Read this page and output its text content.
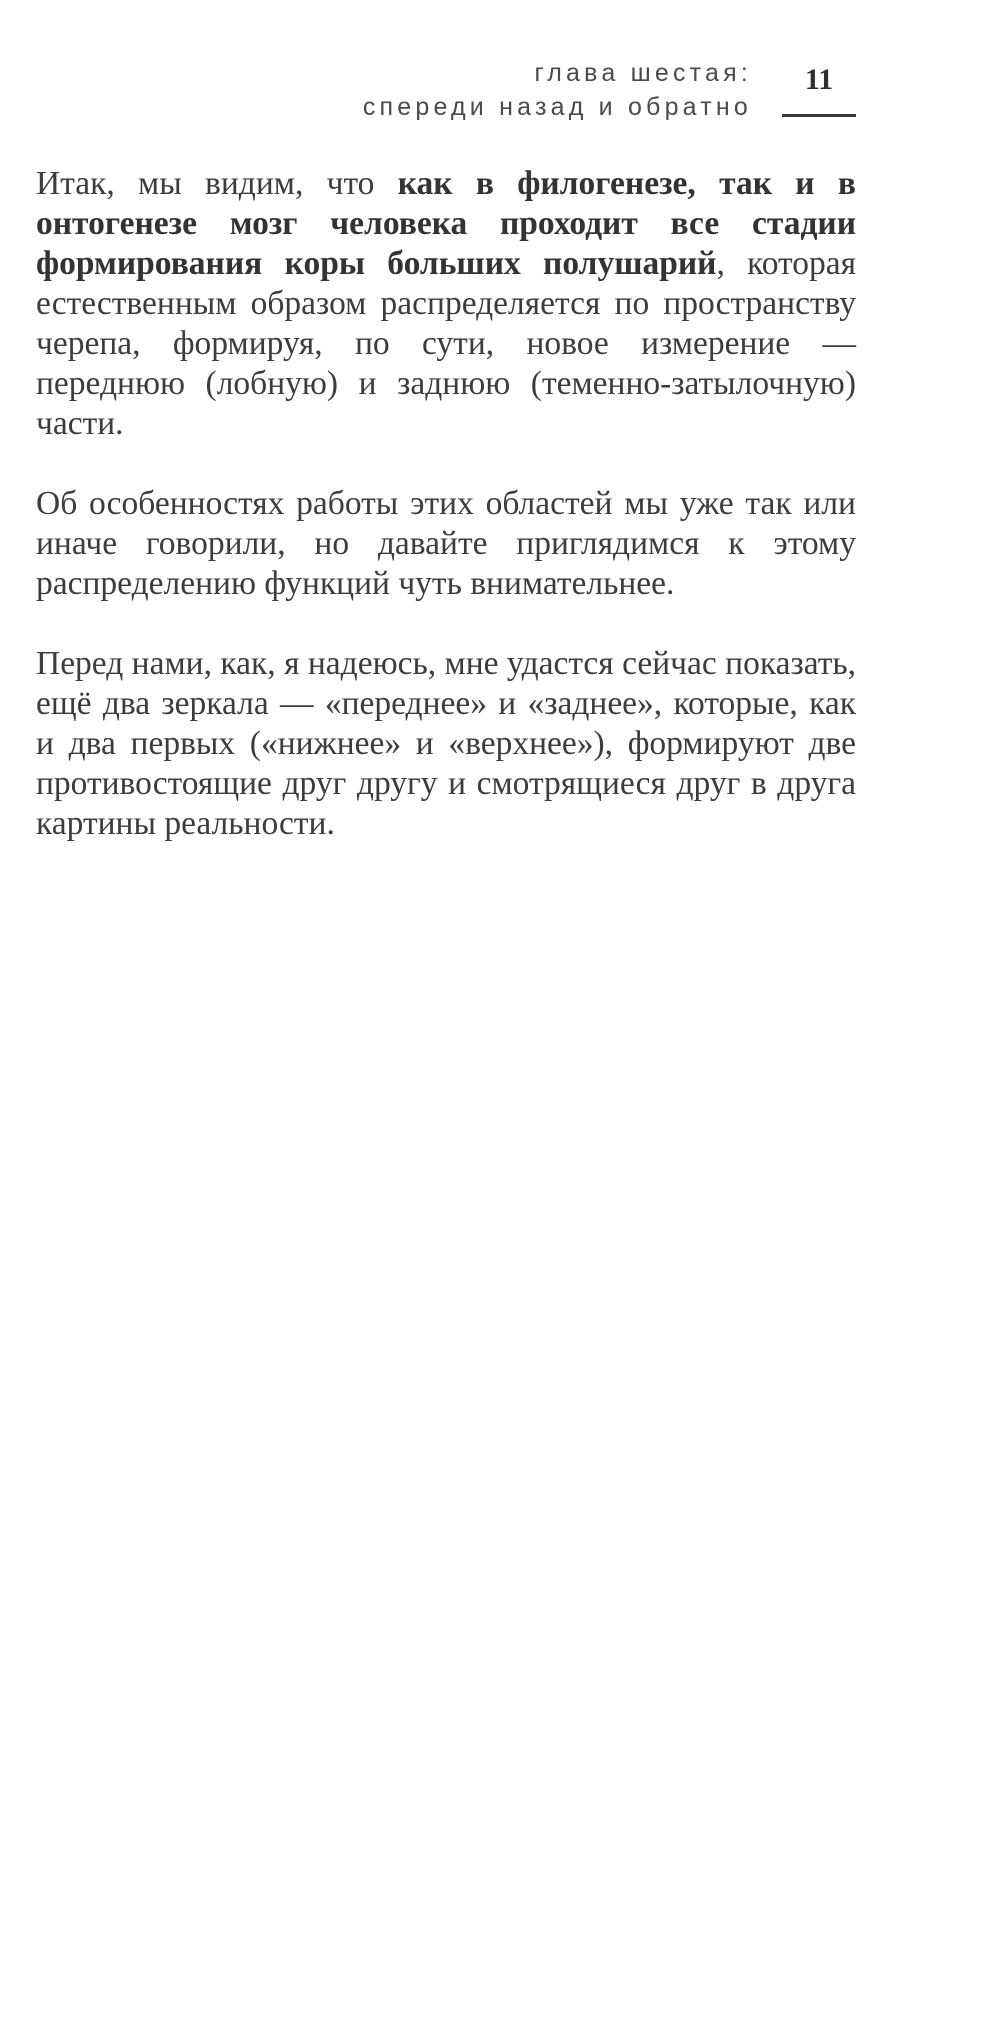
глава шестая:
спереди назад и обратно
11

Итак, мы видим, что как в филогенезе, так и в онтогенезе мозг человека проходит все стадии формирования коры больших полушарий, которая естественным образом распределяется по пространству черепа, формируя, по сути, новое измерение — переднюю (лобную) и заднюю (теменно-затылочную) части.

Об особенностях работы этих областей мы уже так или иначе говорили, но давайте приглядимся к этому распределению функций чуть внимательнее.

Перед нами, как, я надеюсь, мне удастся сейчас показать, ещё два зеркала — «переднее» и «заднее», которые, как и два первых («нижнее» и «верхнее»), формируют две противостоящие друг другу и смотрящиеся друг в друга картины реальности.
